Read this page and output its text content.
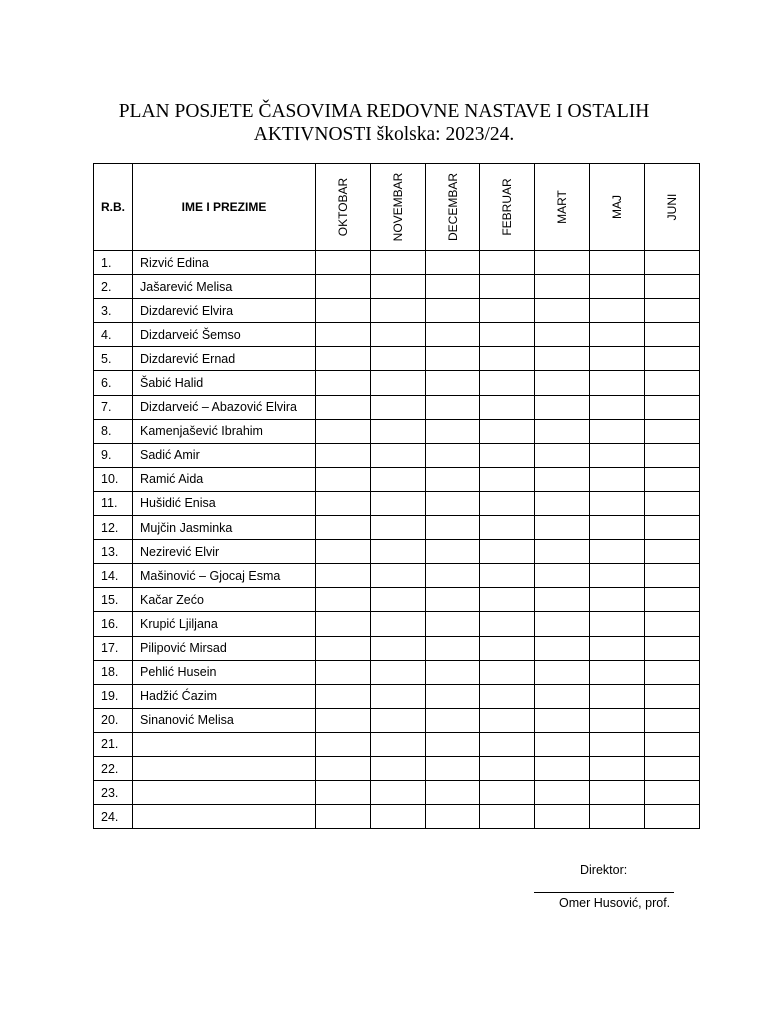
PLAN POSJETE ČASOVIMA REDOVNE NASTAVE I OSTALIH
AKTIVNOSTI školska: 2023/24.
R.B.	IME I PREZIME	OKTOBAR	NOVEMBAR	DECEMBAR	FEBRUAR	MART	MAJ	JUNI

1.	Rizvić Edina							
2.	Jašarević Melisa							
3.	Dizdarević Elvira							
4.	Dizdarveić Šemso							
5.	Dizdarević Ernad							
6.	Šabić Halid							
7.	Dizdarveić – Abazović Elvira							
8.	Kamenjašević Ibrahim							
9.	Sadić Amir							
10.	Ramić Aida							
11.	Hušidić Enisa							
12.	Mujčin Jasminka							
13.	Nezirević Elvir							
14.	Mašinović – Gjocaj Esma							
15.	Kačar Zećo							
16.	Krupić Ljiljana							
17.	Pilipović Mirsad							
18.	Pehlić Husein							
19.	Hadžić Ćazim							
20.	Sinanović Melisa							
21.								
22.								
23.								
24.								
Direktor:
Omer Husović, prof.
